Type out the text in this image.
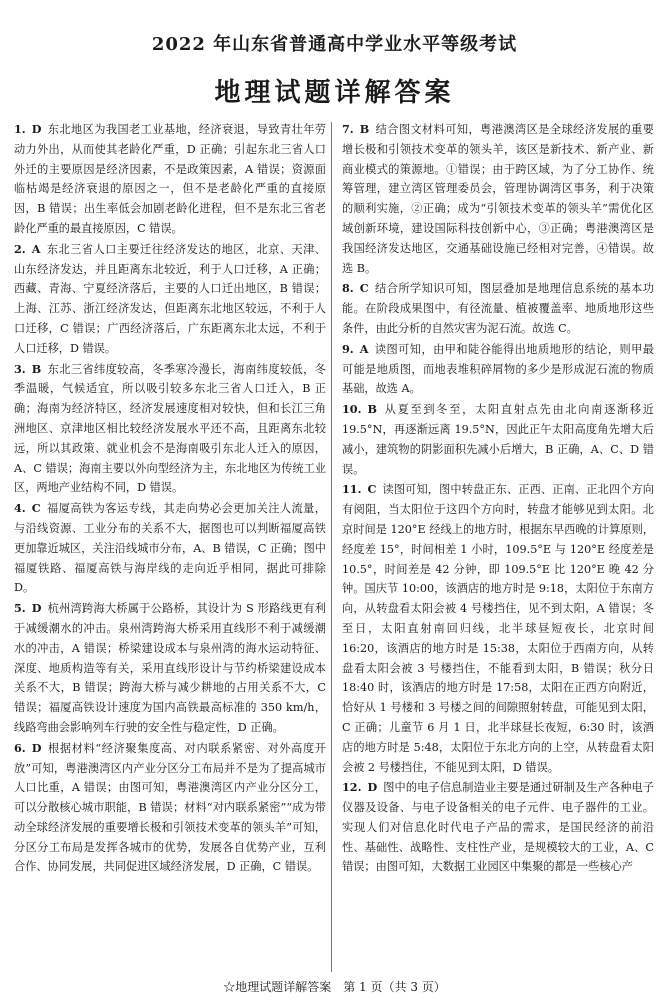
2022 年山东省普通高中学业水平等级考试
地理试题详解答案
1. D 东北地区为我国老工业基地，经济衰退，导致青壮年劳动力外出，从而使其老龄化严重，D 正确；引起东北三省人口外迁的主要原因是经济因素，不是政策因素，A 错误；资源面临枯竭是经济衰退的原因之一，但不是老龄化严重的直接原因，B 错误；出生率低会加剧老龄化进程，但不是东北三省老龄化严重的最直接原因，C 错误。
2. A 东北三省人口主要迁往经济发达的地区，北京、天津、山东经济发达，并且距离东北较近，利于人口迁移，A 正确；西藏、青海、宁夏经济落后，主要的人口迁出地区，B 错误；上海、江苏、浙江经济发达，但距离东北地区较远，不利于人口迁移，C 错误；广西经济落后，广东距离东北太远，不利于人口迁移，D 错误。
3. B 东北三省纬度较高，冬季寒冷漫长，海南纬度较低，冬季温暖，气候适宜，所以吸引较多东北三省人口迁入，B 正确；海南为经济特区，经济发展速度相对较快，但和长江三角洲地区、京津地区相比较经济发展水平还不高，且距离东北较远，所以其政策、就业机会不是海南吸引东北人迁入的原因，A、C 错误；海南主要以外向型经济为主，东北地区为传统工业区，两地产业结构不同，D 错误。
4. C 福厦高铁为客运专线，其走向势必会更加关注人流量，与沿线资源、工业分布的关系不大，据图也可以判断福厦高铁更加靠近城区，关注沿线城市分布，A、B 错误，C 正确；图中福厦铁路、福厦高铁与海岸线的走向近乎相同，据此可排除 D。
5. D 杭州湾跨海大桥属于公路桥，其设计为 S 形路线更有利于减缓潮水的冲击。泉州湾跨海大桥采用直线形不利于减缓潮水的冲击，A 错误；桥梁建设成本与泉州湾的海水运动特征、深度、地质构造等有关，采用直线形设计与节约桥梁建设成本关系不大，B 错误；跨海大桥与减少耕地的占用关系不大，C 错误；福厦高铁设计速度为国内高铁最高标准的 350 km/h，线路弯曲会影响列车行驶的安全性与稳定性，D 正确。
6. D 根据材料“经济聚集度高、对内联系紧密、对外高度开放”可知，粤港澳湾区内产业分区分工布局并不是为了提高城市人口比重，A 错误；由图可知，粤港澳湾区内产业分区分工，可以分散核心城市职能，B 错误；材料“对内联系紧密”“成为带动全球经济发展的重要增长极和引领技术变革的领头羊”可知，分区分工布局是发挥各城市的优势，发展各自优势产业，互利合作、协同发展，共同促进区域经济发展，D 正确，C 错误。
7. B 结合图文材料可知，粤港澳湾区是全球经济发展的重要增长极和引领技术变革的领头羊，该区是新技术、新产业、新商业模式的策源地。①错误；由于跨区域，为了分工协作、统筹管理，建立湾区管理委员会，管理协调湾区事务，利于决策的顺利实施，②正确；成为“引领技术变革的领头羊”需优化区域创新环境，建设国际科技创新中心，③正确；粤港澳湾区是我国经济发达地区，交通基础设施已经相对完善，④错误。故选 B。
8. C 结合所学知识可知，图层叠加是地理信息系统的基本功能。在阶段成果图中，有径流量、植被覆盖率、地质地形这些条件，由此分析的自然灾害为泥石流。故选 C。
9. A 读图可知，由甲和陡谷能得出地质地形的结论，则甲最可能是地质图，而地表堆积碎屑物的多少是形成泥石流的物质基础，故选 A。
10. B 从夏至到冬至，太阳直射点先由北向南逐渐移近 19.5°N，再逐渐远离 19.5°N，因此正午太阳高度角先增大后减小，建筑物的阴影面积先减小后增大，B 正确，A、C、D 错误。
11. C 读图可知，图中转盘正东、正西、正南、正北四个方向有阅阻，当太阳位于这四个方向时，转盘才能够见到太阳。北京时间是 120°E 经线上的地方时，根据东早西晚的计算原则，经度差 15°，时间相差 1 小时，109.5°E 与 120°E 经度差是 10.5°，时间差是 42 分钟，即 109.5°E 比 120°E 晚 42 分钟。国庆节 10:00，该酒店的地方时是 9:18，太阳位于东南方向，从转盘看太阳会被 4 号楼挡住，见不到太阳，A 错误；冬至日，太阳直射南回归线，北半球昼短夜长，北京时间 16:20，该酒店的地方时是 15:38，太阳位于西南方向，从转盘看太阳会被 3 号楼挡住，不能看到太阳，B 错误；秋分日 18:40 时，该酒店的地方时是 17:58，太阳在正西方向附近，恰好从 1 号楼和 3 号楼之间的间隙照射转盘，可能见到太阳，C 正确；儿童节 6 月 1 日，北半球昼长夜短，6:30 时，该酒店的地方时是 5:48，太阳位于东北方向的上空，从转盘看太阳会被 2 号楼挡住，不能见到太阳，D 错误。
12. D 图中的电子信息制造业主要是通过研制及生产各种电子仪器及设备、与电子设备相关的电子元件、电子器件的工业。实现人们对信息化时代电子产品的需求，是国民经济的前沿性、基础性、战略性、支柱性产业，是规模较大的工业，A、C 错误；由图可知，大数据工业园区中集聚的都是一些核心产
☆地理试题详解答案　第 1 页（共 3 页）
